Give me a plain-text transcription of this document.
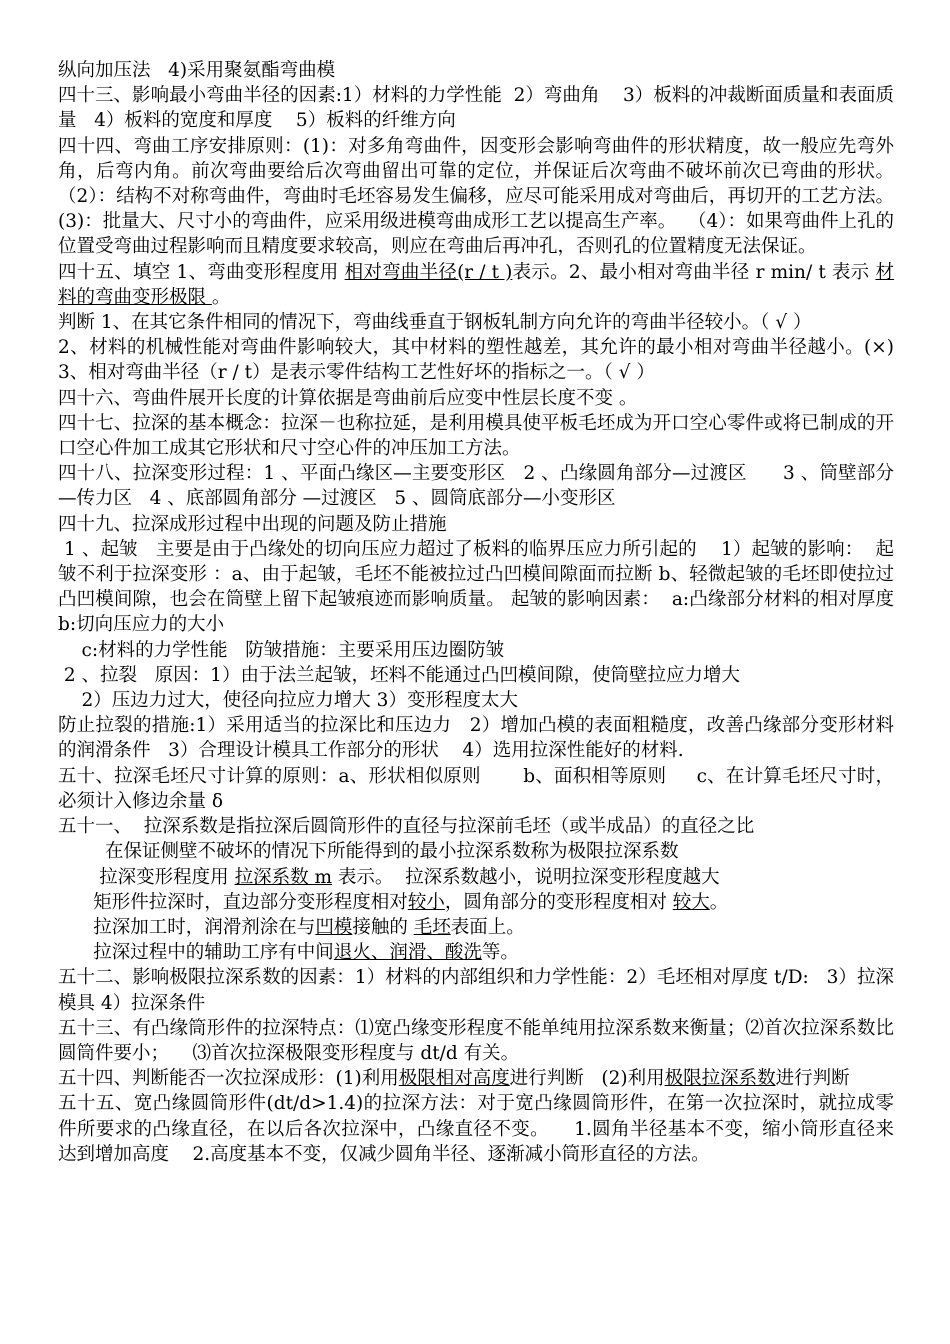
纵向加压法   4)采用聚氨酯弯曲模

四十三、影响最小弯曲半径的因素:1）材料的力学性能  2）弯曲角    3）板料的冲裁断面质量和表面质量   4）板料的宽度和厚度    5）板料的纤维方向

四十四、弯曲工序安排原则：(1)：对多角弯曲件，因变形会影响弯曲件的形状精度，故一般应先弯外角，后弯内角。前次弯曲要给后次弯曲留出可靠的定位，并保证后次弯曲不破坏前次已弯曲的形状。（2）：结构不对称弯曲件，弯曲时毛坯容易发生偏移，应尽可能采用成对弯曲后，再切开的工艺方法。(3)：批量大、尺寸小的弯曲件，应采用级进模弯曲成形工艺以提高生产率。  （4）：如果弯曲件上孔的位置受弯曲过程影响而且精度要求较高，则应在弯曲后再冲孔，否则孔的位置精度无法保证。

四十五、填空 1、弯曲变形程度用 相对弯曲半径(r / t )表示。2、最小相对弯曲半径 r min/ t 表示 材料的弯曲变形极限 。

判断 1、在其它条件相同的情况下，弯曲线垂直于钢板轧制方向允许的弯曲半径较小。（ √ ）

2、材料的机械性能对弯曲件影响较大，其中材料的塑性越差，其允许的最小相对弯曲半径越小。(×) 3、相对弯曲半径（r / t）是表示零件结构工艺性好坏的指标之一。（ √ ）

四十六、弯曲件展开长度的计算依据是弯曲前后应变中性层长度不变 。

四十七、拉深的基本概念：拉深－也称拉延，是利用模具使平板毛坯成为开口空心零件或将已制成的开口空心件加工成其它形状和尺寸空心件的冲压加工方法。

四十八、拉深变形过程：1 、平面凸缘区—主要变形区   2 、凸缘圆角部分—过渡区      3 、筒壁部分—传力区   4 、底部圆角部分 —过渡区   5 、圆筒底部分—小变形区

四十九、拉深成形过程中出现的问题及防止措施

1 、起皱   主要是由于凸缘处的切向压应力超过了板料的临界压应力所引起的    1）起皱的影响：  起皱不利于拉深变形 ：a、由于起皱，毛坯不能被拉过凸凹模间隙面而拉断 b、轻微起皱的毛坯即使拉过凸凹模间隙，也会在筒壁上留下起皱痕迹而影响质量。 起皱的影响因素：  a:凸缘部分材料的相对厚度   b:切向压应力的大小

c:材料的力学性能   防皱措施：主要采用压边圈防皱

2 、拉裂   原因：1）由于法兰起皱，坯料不能通过凸凹模间隙，使筒壁拉应力增大

2）压边力过大，使径向拉应力增大 3）变形程度太大

防止拉裂的措施:1）采用适当的拉深比和压边力   2）增加凸模的表面粗糙度，改善凸缘部分变形材料的润滑条件   3）合理设计模具工作部分的形状    4）选用拉深性能好的材料.

五十、拉深毛坯尺寸计算的原则：a、形状相似原则       b、面积相等原则     c、在计算毛坯尺寸时，必须计入修边余量 δ

五十一、  拉深系数是指拉深后圆筒形件的直径与拉深前毛坯（或半成品）的直径之比

在保证侧壁不破坏的情况下所能得到的最小拉深系数称为极限拉深系数

拉深变形程度用 拉深系数 m 表示。  拉深系数越小，说明拉深变形程度越大

矩形件拉深时，直边部分变形程度相对较小，圆角部分的变形程度相对 较大。

拉深加工时，润滑剂涂在与凹模接触的 毛坯表面上。

拉深过程中的辅助工序有中间退火、润滑、酸洗等。

五十二、影响极限拉深系数的因素：1）材料的内部组织和力学性能：2）毛坯相对厚度 t/D:   3）拉深模具 4）拉深条件

五十三、有凸缘筒形件的拉深特点：⑴宽凸缘变形程度不能单纯用拉深系数来衡量；⑵首次拉深系数比圆筒件要小；    ⑶首次拉深极限变形程度与 dt/d 有关。

五十四、判断能否一次拉深成形：(1)利用极限相对高度进行判断   (2)利用极限拉深系数进行判断

五十五、宽凸缘圆筒形件(dt/d>1.4)的拉深方法：对于宽凸缘圆筒形件，在第一次拉深时，就拉成零件所要求的凸缘直径，在以后各次拉深中，凸缘直径不变。    1.圆角半径基本不变，缩小筒形直径来达到增加高度    2.高度基本不变，仅减少圆角半径、逐渐减小筒形直径的方法。
